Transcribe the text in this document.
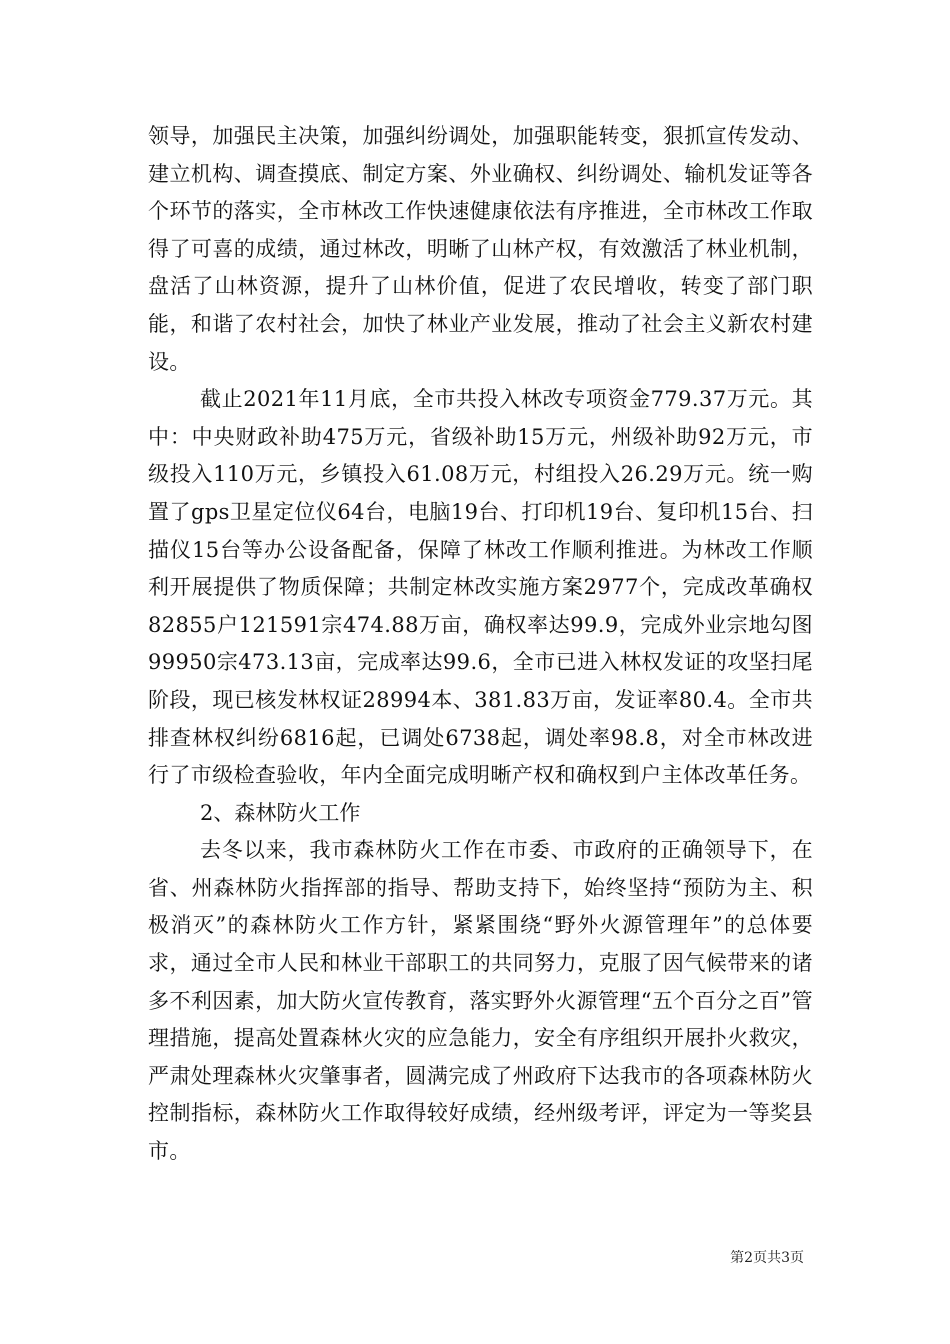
领导，加强民主决策，加强纠纷调处，加强职能转变，狠抓宣传发动、建立机构、调查摸底、制定方案、外业确权、纠纷调处、输机发证等各个环节的落实，全市林改工作快速健康依法有序推进，全市林改工作取得了可喜的成绩，通过林改，明晰了山林产权，有效激活了林业机制，盘活了山林资源，提升了山林价值，促进了农民增收，转变了部门职能，和谐了农村社会，加快了林业产业发展，推动了社会主义新农村建设。

截止2021年11月底，全市共投入林改专项资金779.37万元。其中：中央财政补助475万元，省级补助15万元，州级补助92万元，市级投入110万元，乡镇投入61.08万元，村组投入26.29万元。统一购置了gps卫星定位仪64台，电脑19台、打印机19台、复印机15台、扫描仪15台等办公设备配备，保障了林改工作顺利推进。为林改工作顺利开展提供了物质保障；共制定林改实施方案2977个，完成改革确权82855户121591宗474.88万亩，确权率达99.9，完成外业宗地勾图99950宗473.13亩，完成率达99.6，全市已进入林权发证的攻坚扫尾阶段，现已核发林权证28994本、381.83万亩，发证率80.4。全市共排查林权纠纷6816起，已调处6738起，调处率98.8，对全市林改进行了市级检查验收，年内全面完成明晰产权和确权到户主体改革任务。

2、森林防火工作

去冬以来，我市森林防火工作在市委、市政府的正确领导下，在省、州森林防火指挥部的指导、帮助支持下，始终坚持“预防为主、积极消灭”的森林防火工作方针，紧紧围绕“野外火源管理年”的总体要求，通过全市人民和林业干部职工的共同努力，克服了因气候带来的诸多不利因素，加大防火宣传教育，落实野外火源管理“五个百分之百”管理措施，提高处置森林火灾的应急能力，安全有序组织开展扑火救灾，严肃处理森林火灾肇事者，圆满完成了州政府下达我市的各项森林防火控制指标，森林防火工作取得较好成绩，经州级考评，评定为一等奖县市。

第2页共3页
